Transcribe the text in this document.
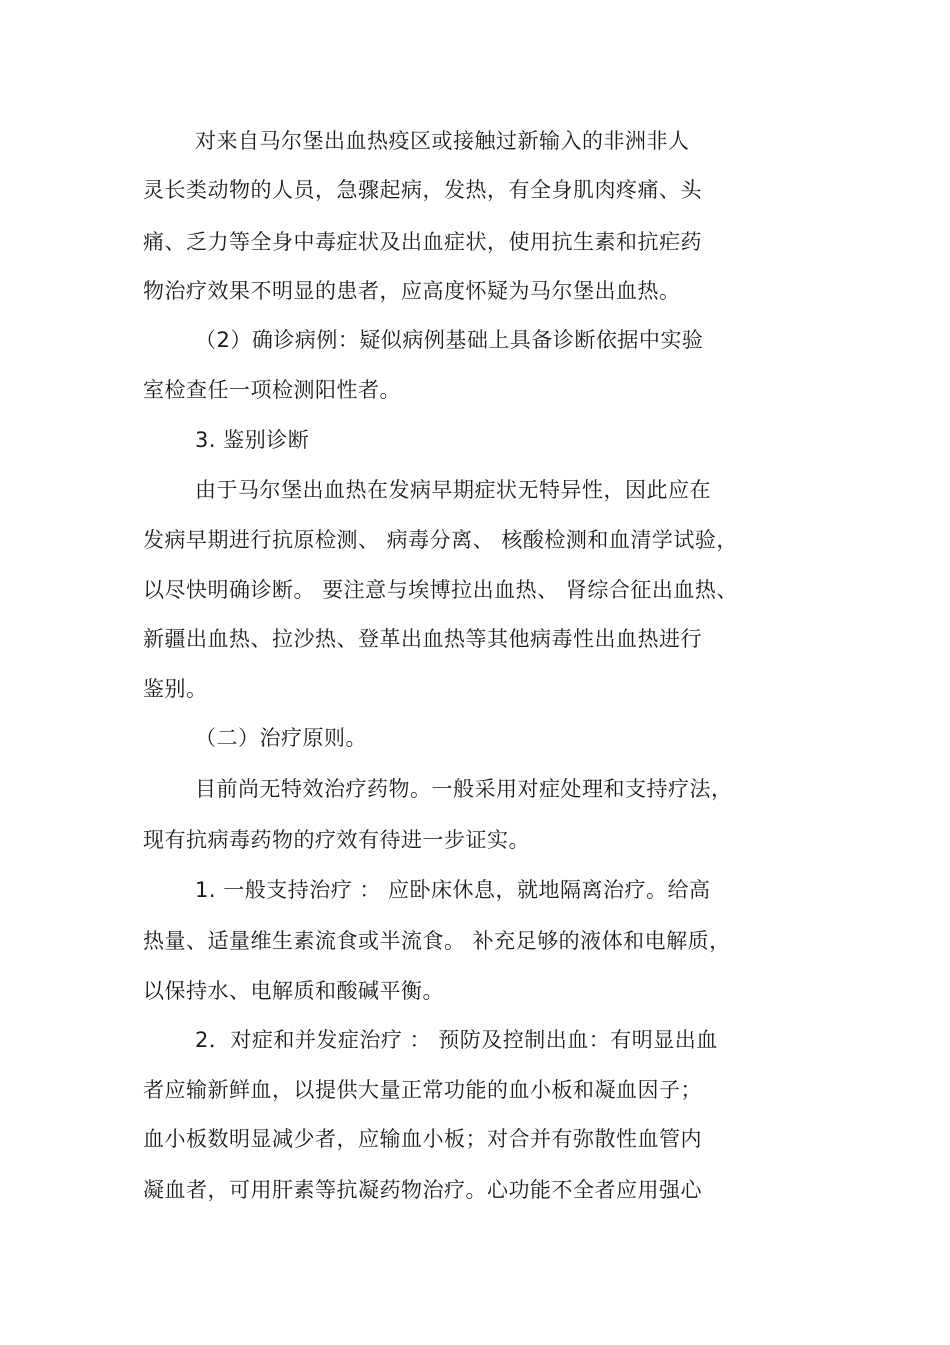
对来自马尔堡出血热疫区或接触过新输入的非洲非人
灵长类动物的人员，急骤起病，发热，有全身肌肉疼痛、头
痛、乏力等全身中毒症状及出血症状，使用抗生素和抗疟药
物治疗效果不明显的患者，应高度怀疑为马尔堡出血热。
（2）确诊病例：疑似病例基础上具备诊断依据中实验
室检查任一项检测阳性者。
3. 鉴别诊断
由于马尔堡出血热在发病早期症状无特异性，因此应在
发病早期进行抗原检测、 病毒分离、 核酸检测和血清学试验，
以尽快明确诊断。 要注意与埃博拉出血热、 肾综合征出血热、
新疆出血热、拉沙热、登革出血热等其他病毒性出血热进行
鉴别。
（二）治疗原则。
目前尚无特效治疗药物。一般采用对症处理和支持疗法，
现有抗病毒药物的疗效有待进一步证实。
1. 一般支持治疗 ： 应卧床休息，就地隔离治疗。给高
热量、适量维生素流食或半流食。 补充足够的液体和电解质，
以保持水、电解质和酸碱平衡。
2．对症和并发症治疗 ： 预防及控制出血：有明显出血
者应输新鲜血，以提供大量正常功能的血小板和凝血因子；
血小板数明显减少者，应输血小板；对合并有弥散性血管内
凝血者，可用肝素等抗凝药物治疗。心功能不全者应用强心
